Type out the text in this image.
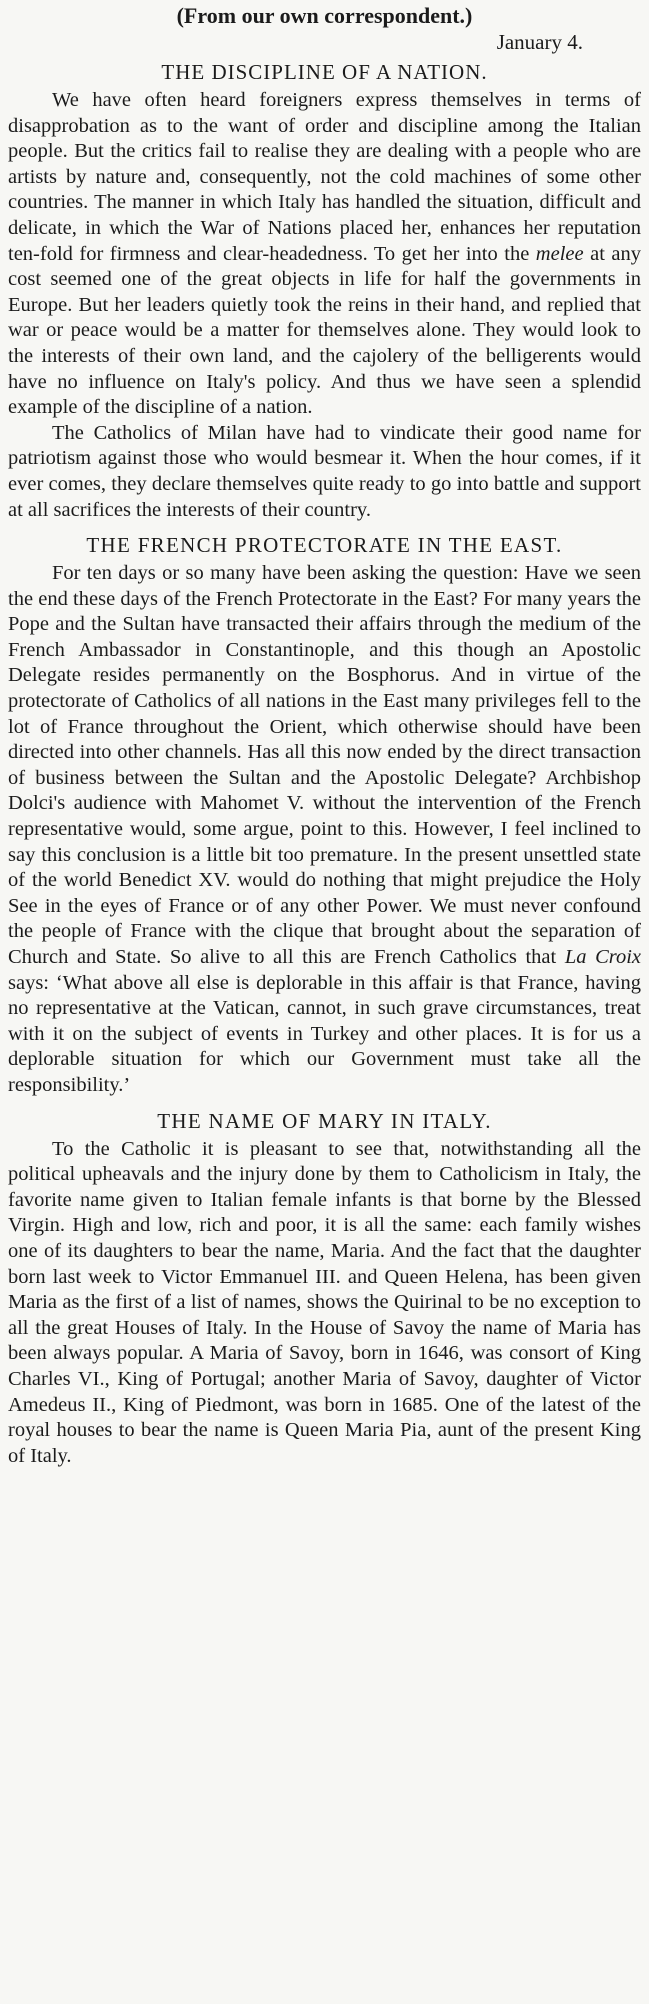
(From our own correspondent.)
January 4.
THE DISCIPLINE OF A NATION.

We have often heard foreigners express themselves in terms of disapprobation as to the want of order and discipline among the Italian people. But the critics fail to realise they are dealing with a people who are artists by nature and, consequently, not the cold machines of some other countries. The manner in which Italy has handled the situation, difficult and delicate, in which the War of Nations placed her, enhances her reputation ten-fold for firmness and clear-headedness. To get her into the melee at any cost seemed one of the great objects in life for half the governments in Europe. But her leaders quietly took the reins in their hand, and replied that war or peace would be a matter for themselves alone. They would look to the interests of their own land, and the cajolery of the belligerents would have no influence on Italy's policy. And thus we have seen a splendid example of the discipline of a nation.

The Catholics of Milan have had to vindicate their good name for patriotism against those who would besmear it. When the hour comes, if it ever comes, they declare themselves quite ready to go into battle and support at all sacrifices the interests of their country.

THE FRENCH PROTECTORATE IN THE EAST.

For ten days or so many have been asking the question: Have we seen the end these days of the French Protectorate in the East? For many years the Pope and the Sultan have transacted their affairs through the medium of the French Ambassador in Constantinople, and this though an Apostolic Delegate resides permanently on the Bosphorus. And in virtue of the protectorate of Catholics of all nations in the East many privileges fell to the lot of France throughout the Orient, which otherwise should have been directed into other channels. Has all this now ended by the direct transaction of business between the Sultan and the Apostolic Delegate? Archbishop Dolci's audience with Mahomet V. without the intervention of the French representative would, some argue, point to this. However, I feel inclined to say this conclusion is a little bit too premature. In the present unsettled state of the world Benedict XV. would do nothing that might prejudice the Holy See in the eyes of France or of any other Power. We must never confound the people of France with the clique that brought about the separation of Church and State. So alive to all this are French Catholics that La Croix says: ‘What above all else is deplorable in this affair is that France, having no representative at the Vatican, cannot, in such grave circumstances, treat with it on the subject of events in Turkey and other places. It is for us a deplorable situation for which our Government must take all the responsibility.’

THE NAME OF MARY IN ITALY.

To the Catholic it is pleasant to see that, notwithstanding all the political upheavals and the injury done by them to Catholicism in Italy, the favorite name given to Italian female infants is that borne by the Blessed Virgin. High and low, rich and poor, it is all the same: each family wishes one of its daughters to bear the name, Maria. And the fact that the daughter born last week to Victor Emmanuel III. and Queen Helena, has been given Maria as the first of a list of names, shows the Quirinal to be no exception to all the great Houses of Italy. In the House of Savoy the name of Maria has been always popular. A Maria of Savoy, born in 1646, was consort of King Charles VI., King of Portugal; another Maria of Savoy, daughter of Victor Amedeus II., King of Piedmont, was born in 1685. One of the latest of the royal houses to bear the name is Queen Maria Pia, aunt of the present King of Italy.
